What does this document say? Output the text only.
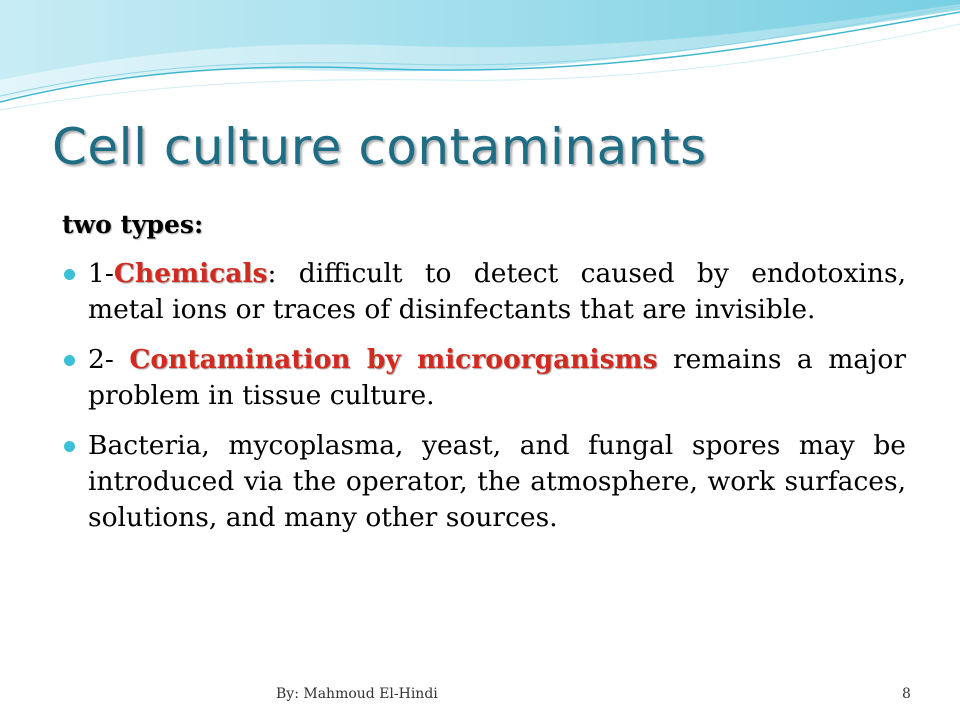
Cell culture contaminants
two types:
1-Chemicals: difficult to detect caused by endotoxins, metal ions or traces of disinfectants that are invisible.
2- Contamination by microorganisms remains a major problem in tissue culture.
Bacteria, mycoplasma, yeast, and fungal spores may be introduced via the operator, the atmosphere, work surfaces, solutions, and many other sources.
By: Mahmoud El-Hindi	8
